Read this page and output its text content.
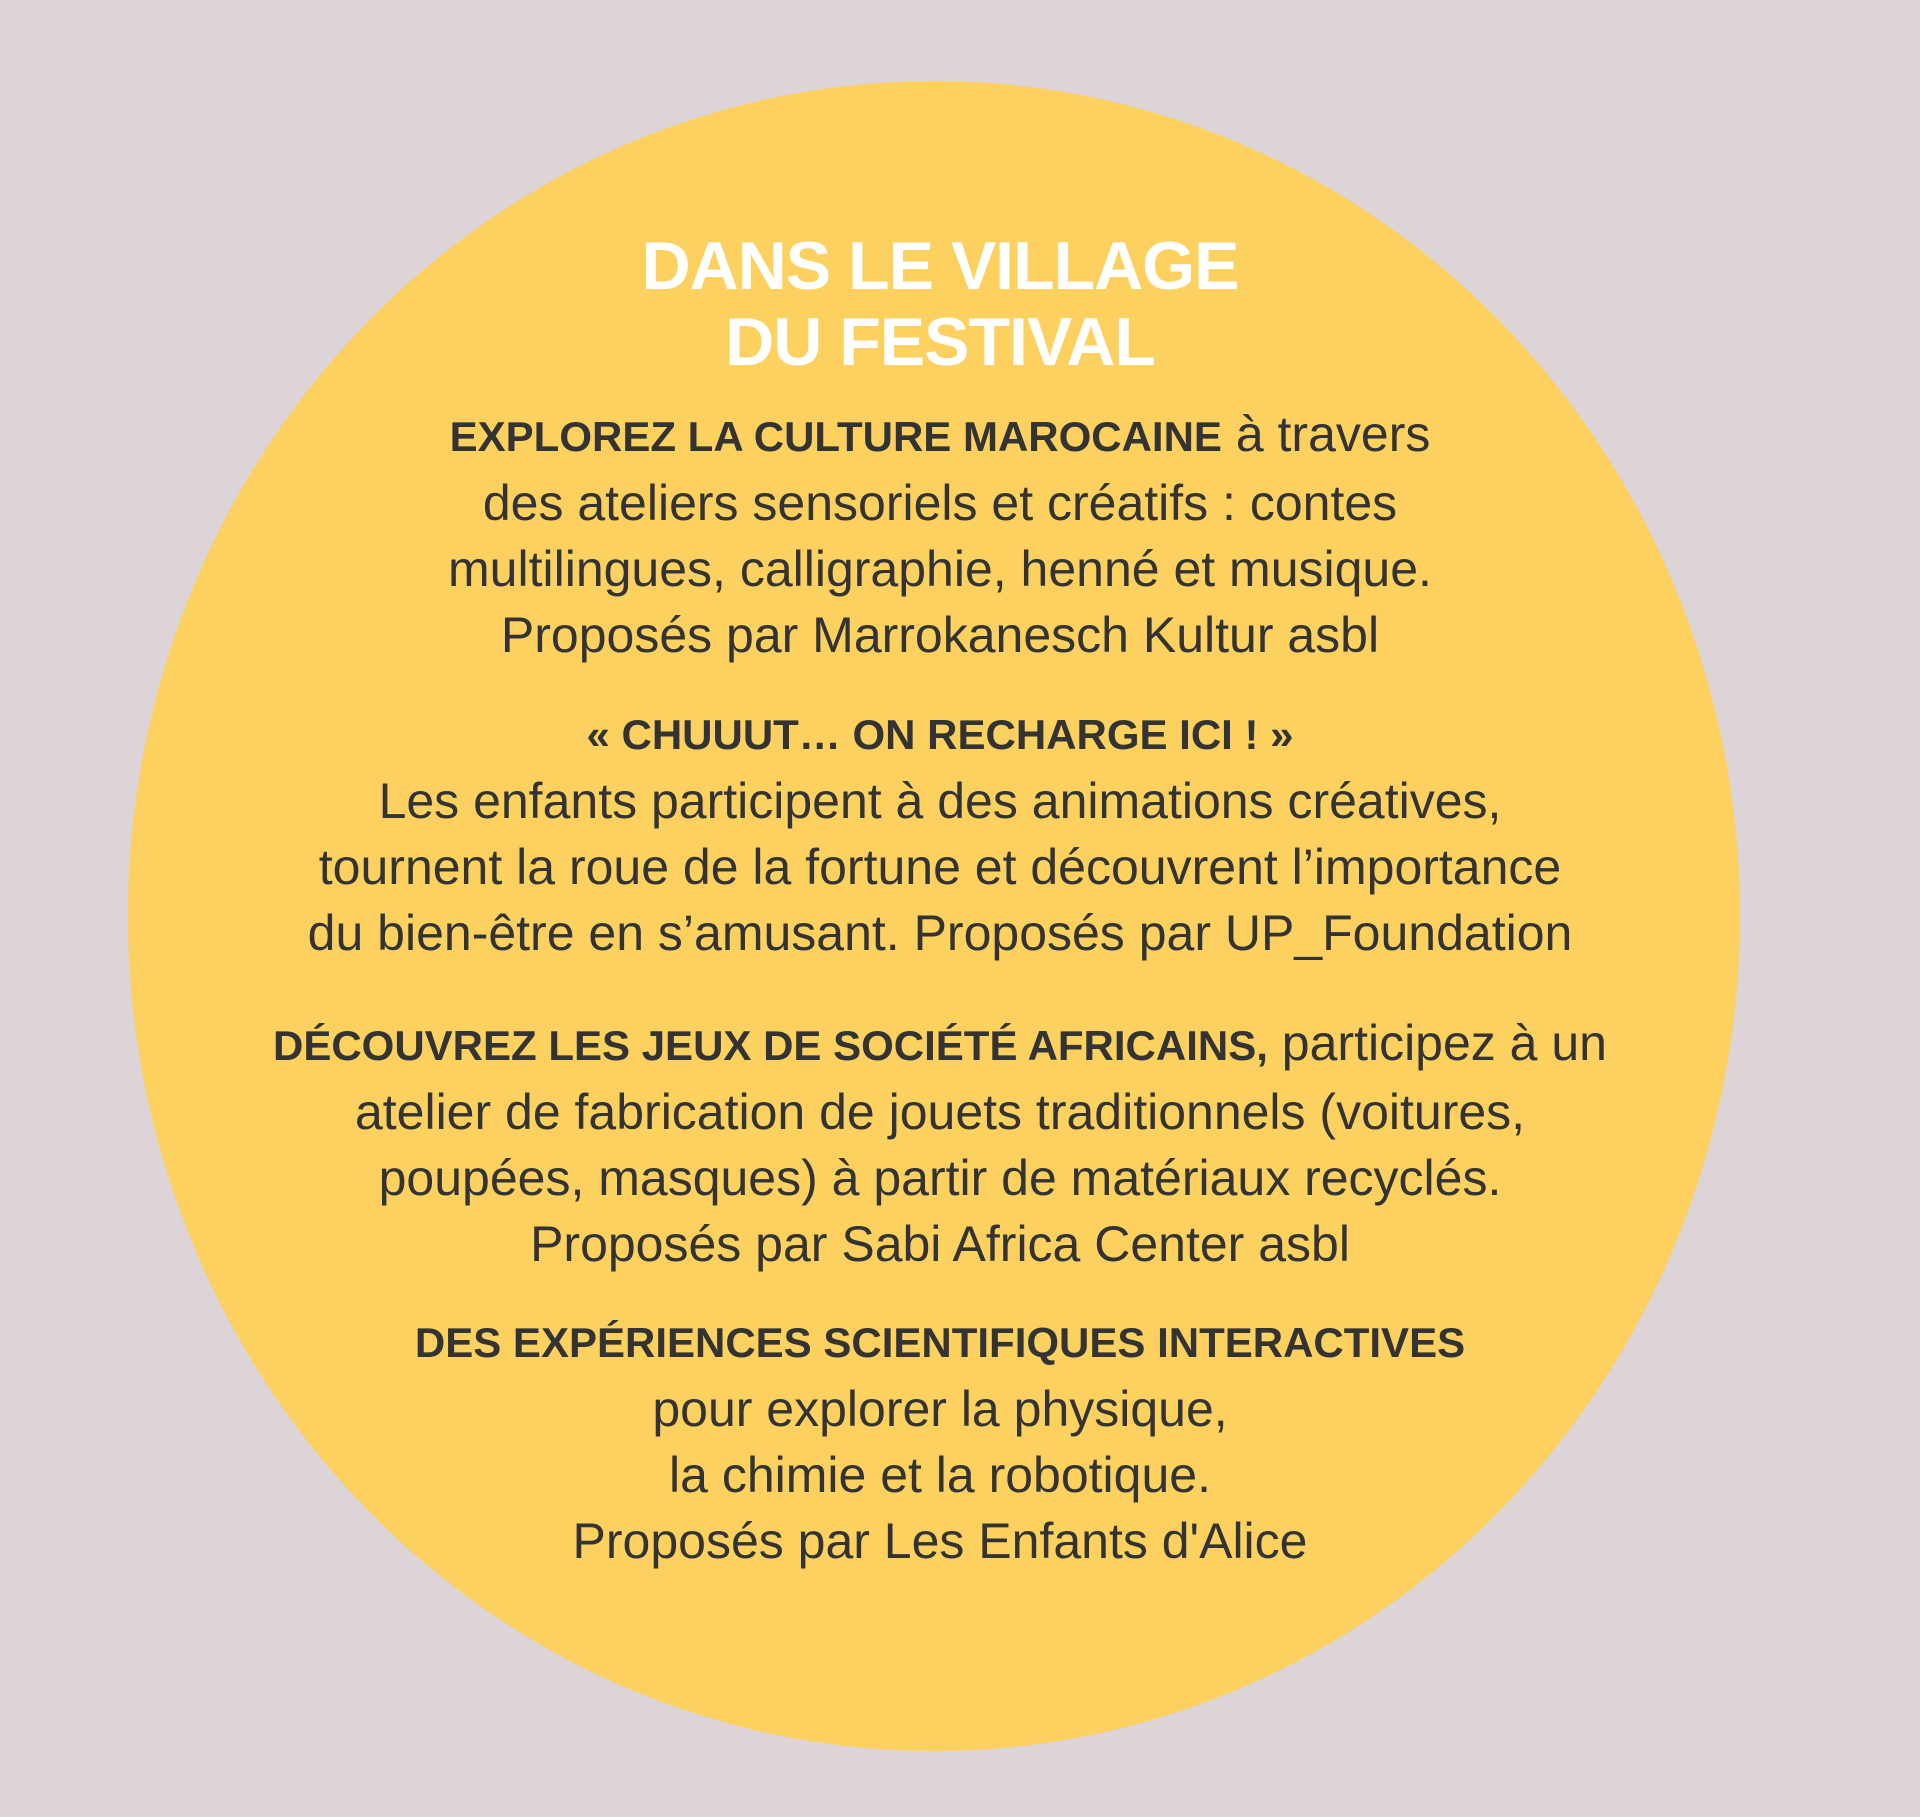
DANS LE VILLAGE
DU FESTIVAL

EXPLOREZ LA CULTURE MAROCAINE à travers
des ateliers sensoriels et créatifs : contes
multilingues, calligraphie, henné et musique.
Proposés par Marrokanesch Kultur asbl

« CHUUUT… ON RECHARGE ICI ! »
Les enfants participent à des animations créatives,
tournent la roue de la fortune et découvrent l’importance
du bien-être en s’amusant. Proposés par UP_Foundation

DÉCOUVREZ LES JEUX DE SOCIÉTÉ AFRICAINS, participez à un
atelier de fabrication de jouets traditionnels (voitures,
poupées, masques) à partir de matériaux recyclés.
Proposés par Sabi Africa Center asbl

DES EXPÉRIENCES SCIENTIFIQUES INTERACTIVES
pour explorer la physique,
la chimie et la robotique.
Proposés par Les Enfants d'Alice
